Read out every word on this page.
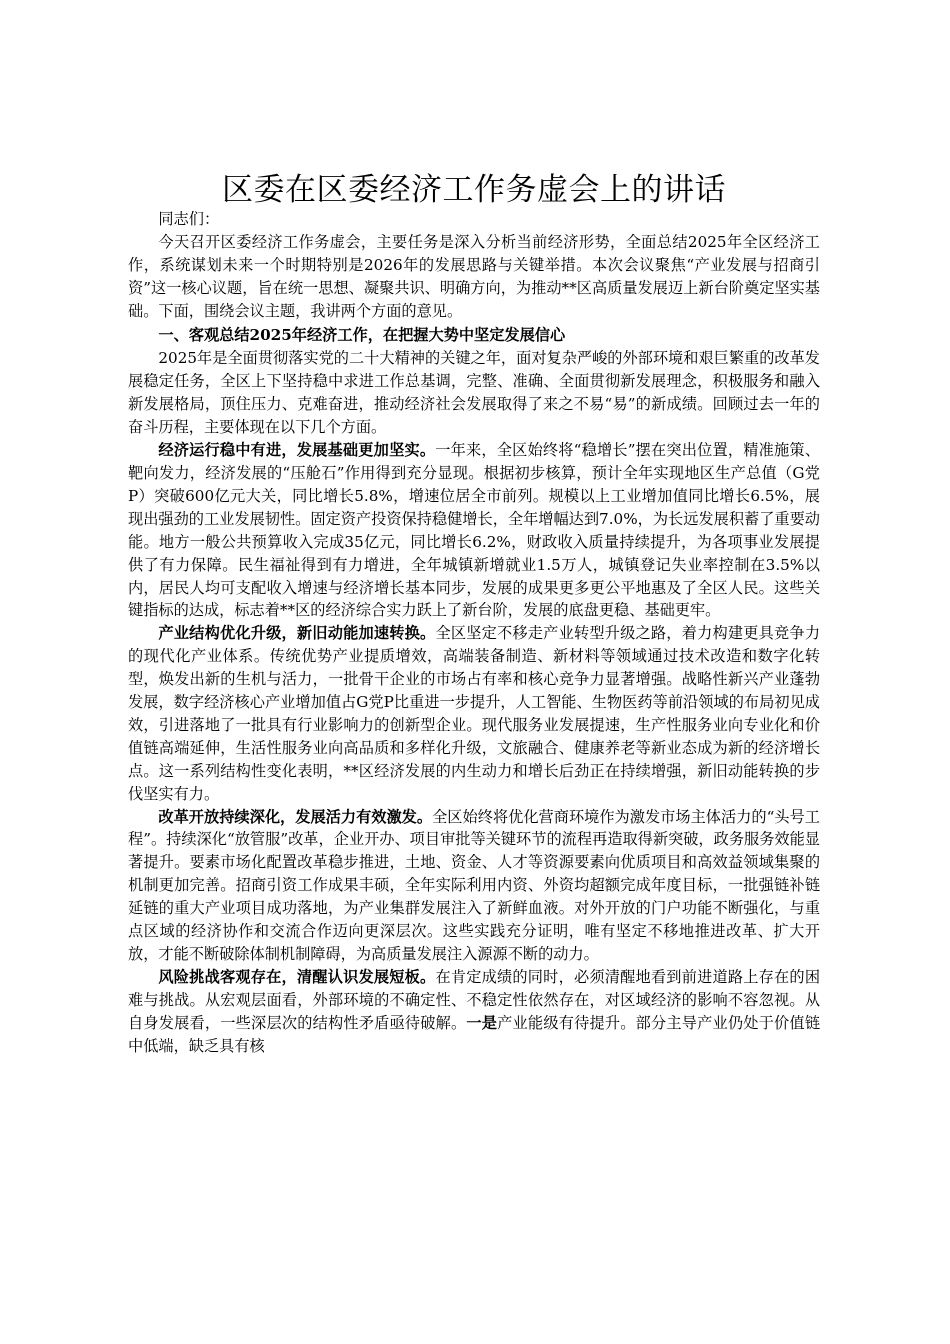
区委在区委经济工作务虚会上的讲话

同志们：

今天召开区委经济工作务虚会，主要任务是深入分析当前经济形势，全面总结2025年全区经济工作，系统谋划未来一个时期特别是2026年的发展思路与关键举措。本次会议聚焦“产业发展与招商引资”这一核心议题，旨在统一思想、凝聚共识、明确方向，为推动**区高质量发展迈上新台阶奠定坚实基础。下面，围绕会议主题，我讲两个方面的意见。

一、客观总结2025年经济工作，在把握大势中坚定发展信心

2025年是全面贯彻落实党的二十大精神的关键之年，面对复杂严峻的外部环境和艰巨繁重的改革发展稳定任务，全区上下坚持稳中求进工作总基调，完整、准确、全面贯彻新发展理念，积极服务和融入新发展格局，顶住压力、克难奋进，推动经济社会发展取得了来之不易“易”的新成绩。回顾过去一年的奋斗历程，主要体现在以下几个方面。

经济运行稳中有进，发展基础更加坚实。一年来，全区始终将“稳增长”摆在突出位置，精准施策、靶向发力，经济发展的“压舱石”作用得到充分显现。根据初步核算，预计全年实现地区生产总值（G党P）突破600亿元大关，同比增长5.8%，增速位居全市前列。规模以上工业增加值同比增长6.5%，展现出强劲的工业发展韧性。固定资产投资保持稳健增长，全年增幅达到7.0%，为长远发展积蓄了重要动能。地方一般公共预算收入完成35亿元，同比增长6.2%，财政收入质量持续提升，为各项事业发展提供了有力保障。民生福祉得到有力增进，全年城镇新增就业1.5万人，城镇登记失业率控制在3.5%以内，居民人均可支配收入增速与经济增长基本同步，发展的成果更多更公平地惠及了全区人民。这些关键指标的达成，标志着**区的经济综合实力跃上了新台阶，发展的底盘更稳、基础更牢。

产业结构优化升级，新旧动能加速转换。全区坚定不移走产业转型升级之路，着力构建更具竞争力的现代化产业体系。传统优势产业提质增效，高端装备制造、新材料等领域通过技术改造和数字化转型，焕发出新的生机与活力，一批骨干企业的市场占有率和核心竞争力显著增强。战略性新兴产业蓬勃发展，数字经济核心产业增加值占G党P比重进一步提升，人工智能、生物医药等前沿领域的布局初见成效，引进落地了一批具有行业影响力的创新型企业。现代服务业发展提速，生产性服务业向专业化和价值链高端延伸，生活性服务业向高品质和多样化升级，文旅融合、健康养老等新业态成为新的经济增长点。这一系列结构性变化表明，**区经济发展的内生动力和增长后劲正在持续增强，新旧动能转换的步伐坚实有力。

改革开放持续深化，发展活力有效激发。全区始终将优化营商环境作为激发市场主体活力的“头号工程”。持续深化“放管服”改革，企业开办、项目审批等关键环节的流程再造取得新突破，政务服务效能显著提升。要素市场化配置改革稳步推进，土地、资金、人才等资源要素向优质项目和高效益领域集聚的机制更加完善。招商引资工作成果丰硕，全年实际利用内资、外资均超额完成年度目标，一批强链补链延链的重大产业项目成功落地，为产业集群发展注入了新鲜血液。对外开放的门户功能不断强化，与重点区域的经济协作和交流合作迈向更深层次。这些实践充分证明，唯有坚定不移地推进改革、扩大开放，才能不断破除体制机制障碍，为高质量发展注入源源不断的动力。

风险挑战客观存在，清醒认识发展短板。在肯定成绩的同时，必须清醒地看到前进道路上存在的困难与挑战。从宏观层面看，外部环境的不确定性、不稳定性依然存在，对区域经济的影响不容忽视。从自身发展看，一些深层次的结构性矛盾亟待破解。一是产业能级有待提升。部分主导产业仍处于价值链中低端，缺乏具有核
